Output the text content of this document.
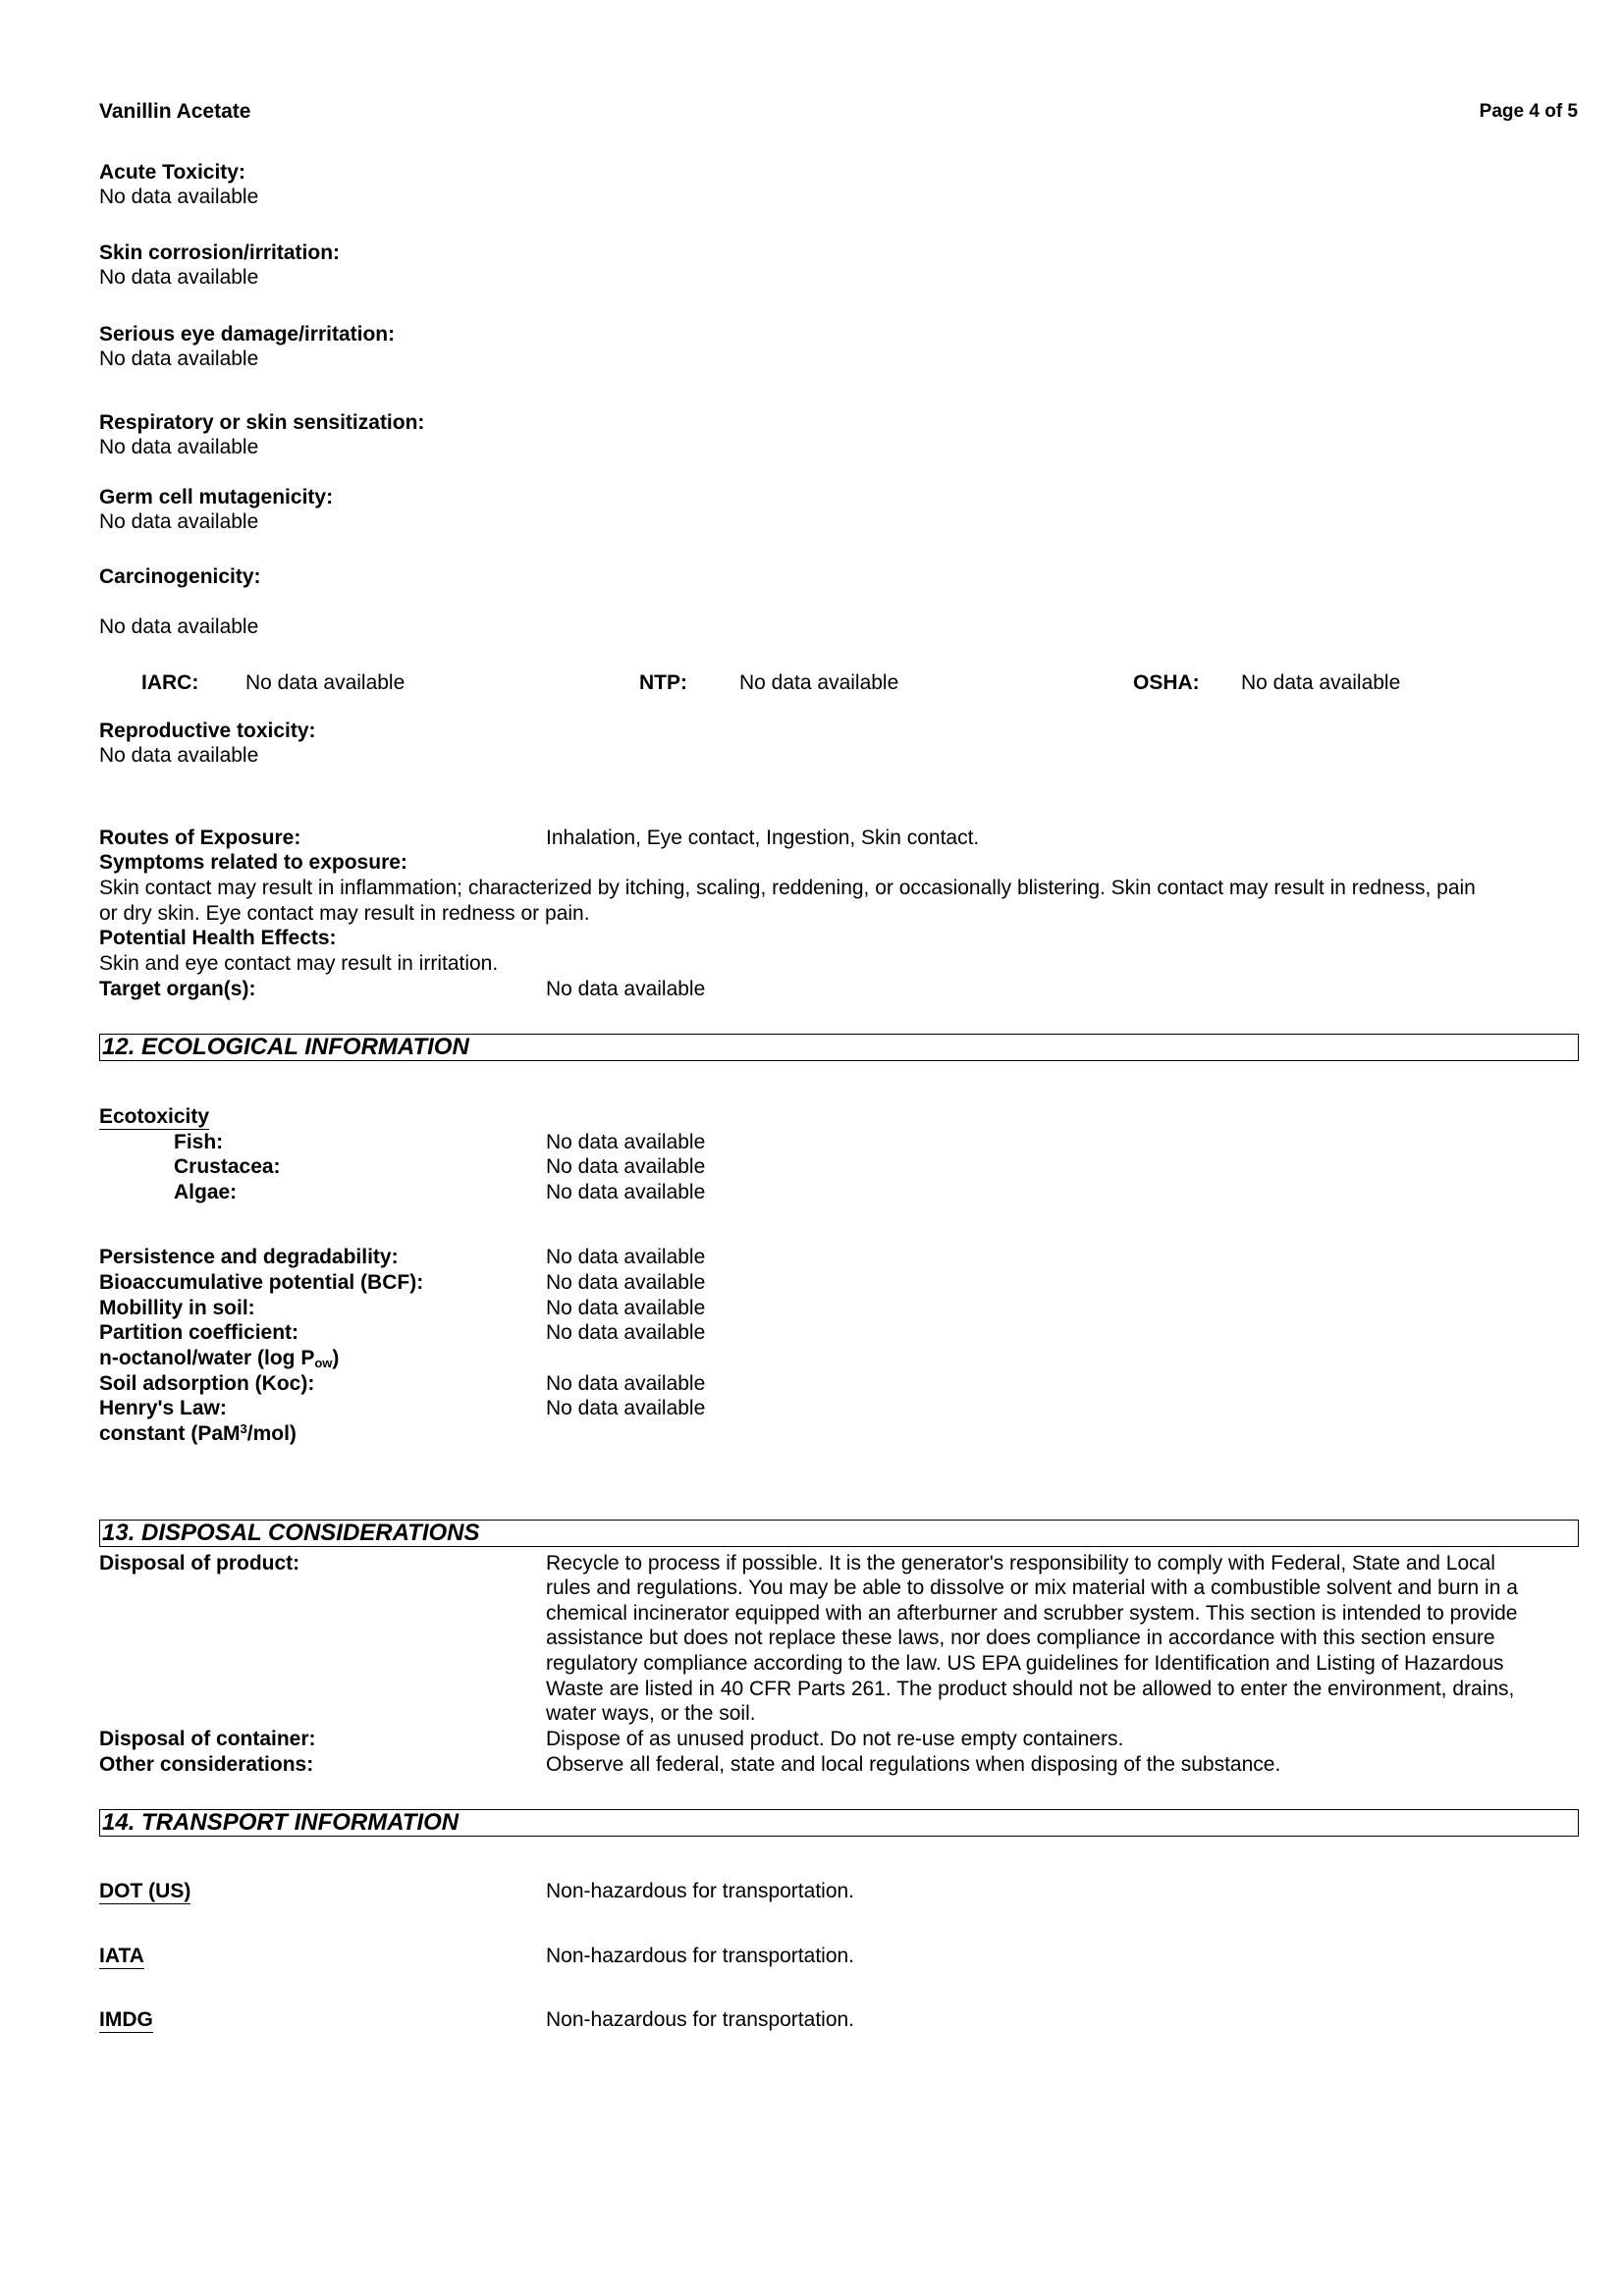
Vanillin Acetate	Page 4 of 5
Acute Toxicity:
No data available
Skin corrosion/irritation:
No data available
Serious eye damage/irritation:
No data available
Respiratory or skin sensitization:
No data available
Germ cell mutagenicity:
No data available
Carcinogenicity:
No data available
IARC: No data available	NTP:	No data available	OSHA: No data available
Reproductive toxicity:
No data available
Routes of Exposure:	Inhalation, Eye contact, Ingestion, Skin contact.
Symptoms related to exposure:
Skin contact may result in inflammation; characterized by itching, scaling, reddening, or occasionally blistering. Skin contact may result in redness, pain
or dry skin. Eye contact may result in redness or pain.
Potential Health Effects:
Skin and eye contact may result in irritation.
Target organ(s):	No data available
12. ECOLOGICAL INFORMATION
Ecotoxicity
Fish:	No data available
Crustacea:	No data available
Algae:	No data available
Persistence and degradability:	No data available
Bioaccumulative potential (BCF):	No data available
Mobillity in soil:	No data available
Partition coefficient:	No data available
n-octanol/water (log $P_{ow}$)
Soil adsorption (Koc):	No data available
Henry's Law:	No data available
constant (PaM$^3$/mol)
13. DISPOSAL CONSIDERATIONS
Disposal of product:	Recycle to process if possible. It is the generator's responsibility to comply with Federal, State and Local
rules and regulations. You may be able to dissolve or mix material with a combustible solvent and burn in a
chemical incinerator equipped with an afterburner and scrubber system. This section is intended to provide
assistance but does not replace these laws, nor does compliance in accordance with this section ensure
regulatory compliance according to the law. US EPA guidelines for Identification and Listing of Hazardous
Waste are listed in 40 CFR Parts 261. The product should not be allowed to enter the environment, drains,
water ways, or the soil.
Disposal of container:	Dispose of as unused product. Do not re-use empty containers.
Other considerations:	Observe all federal, state and local regulations when disposing of the substance.
14. TRANSPORT INFORMATION
DOT (US)	Non-hazardous for transportation.
IATA	Non-hazardous for transportation.
IMDG	Non-hazardous for transportation.
